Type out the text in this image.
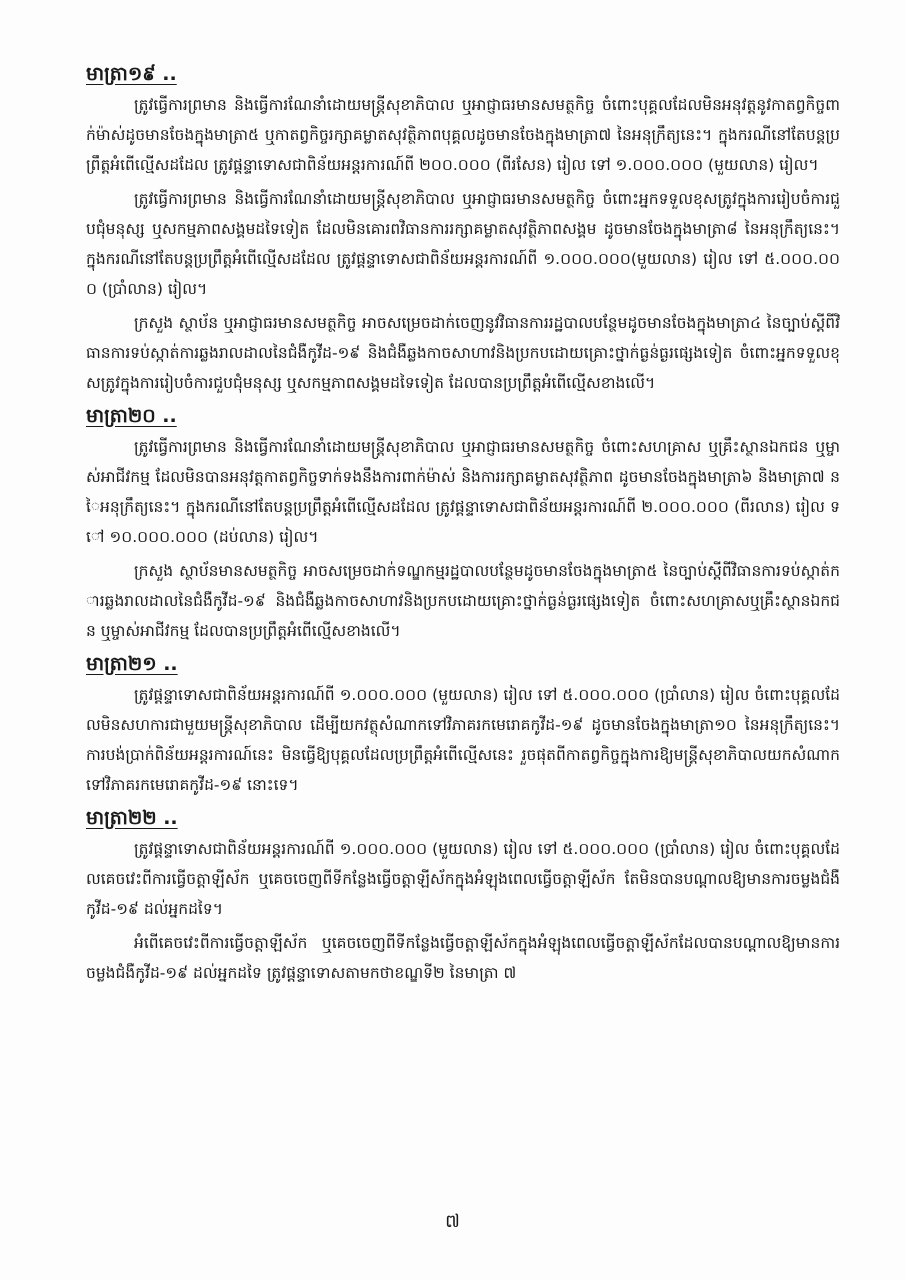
មាត្រា១៩ ..

ត្រូវធ្វើការព្រមាន និងធ្វើការណែនាំដោយមន្ត្រីសុខាភិបាល ឬអាជ្ញាធរមានសមត្ថកិច្ច ចំពោះបុគ្គលដែលមិនអនុវត្តនូវកាតព្វកិច្ចពាក់ម៉ាស់ដូចមានចែងក្នុងមាត្រា៥ ឬកាតព្វកិច្ចរក្សាគម្លាតសុវត្ថិភាពបុគ្គលដូចមានចែងក្នុងមាត្រា៧ នៃអនុក្រឹត្យនេះ។ ក្នុងករណីនៅតែបន្តប្រព្រឹត្តអំពើល្មើសដដែល ត្រូវផ្តន្ទាទោសជាពិន័យអន្តរការណ៍ពី ២០០.០០០ (ពីរសែន) រៀល ទៅ ១.០០០.០០០ (មួយលាន) រៀល។

ត្រូវធ្វើការព្រមាន និងធ្វើការណែនាំដោយមន្ត្រីសុខាភិបាល ឬអាជ្ញាធរមានសមត្ថកិច្ច ចំពោះអ្នកទទួលខុសត្រូវក្នុងការរៀបចំការជួបជុំមនុស្ស ឬសកម្មភាពសង្គមដទៃទៀត ដែលមិនគោរពវិធានការរក្សាគម្លាតសុវត្ថិភាពសង្គម ដូចមានចែងក្នុងមាត្រា៨ នៃអនុក្រឹត្យនេះ។ ក្នុងករណីនៅតែបន្តប្រព្រឹត្តអំពើល្មើសដដែល ត្រូវផ្តន្ទាទោសជាពិន័យអន្តរការណ៍ពី ១.០០០.០០០(មួយលាន) រៀល ទៅ ៥.០០០.០០០ (ប្រាំលាន) រៀល។

ក្រសួង ស្ថាប័ន ឬអាជ្ញាធរមានសមត្ថកិច្ច អាចសម្រេចដាក់ចេញនូវវិធានការរដ្ឋបាលបន្ថែមដូចមានចែងក្នុងមាត្រា៤ នៃច្បាប់ស្តីពីវិធានការទប់ស្កាត់ការឆ្លងរាលដាលនៃជំងឺកូវីដ-១៩ និងជំងឺឆ្លងកាចសាហាវនិងប្រកបដោយគ្រោះថ្នាក់ធ្ងន់ធ្ងរផ្សេងទៀត ចំពោះអ្នកទទួលខុសត្រូវក្នុងការរៀបចំការជួបជុំមនុស្ស ឬសកម្មភាពសង្គមដទៃទៀត ដែលបានប្រព្រឹត្តអំពើល្មើសខាងលើ។

មាត្រា២០ ..

ត្រូវធ្វើការព្រមាន និងធ្វើការណែនាំដោយមន្ត្រីសុខាភិបាល ឬអាជ្ញាធរមានសមត្ថកិច្ច ចំពោះសហគ្រាស ឬគ្រឹះស្ថានឯកជន ឬម្ចាស់អាជីវកម្ម ដែលមិនបានអនុវត្តកាតព្វកិច្ចទាក់ទងនឹងការពាក់ម៉ាស់ និងការរក្សាគម្លាតសុវត្ថិភាព ដូចមានចែងក្នុងមាត្រា៦ និងមាត្រា៧ នៃអនុក្រឹត្យនេះ។ ក្នុងករណីនៅតែបន្តប្រព្រឹត្តអំពើល្មើសដដែល ត្រូវផ្តន្ទាទោសជាពិន័យអន្តរការណ៍ពី ២.០០០.០០០ (ពីរលាន) រៀល ទៅ ១០.០០០.០០០ (ដប់លាន) រៀល។

ក្រសួង ស្ថាប័នមានសមត្ថកិច្ច អាចសម្រេចដាក់ទណ្ឌកម្មរដ្ឋបាលបន្ថែមដូចមានចែងក្នុងមាត្រា៥ នៃច្បាប់ស្តីពីវិធានការទប់ស្កាត់ការឆ្លងរាលដាលនៃជំងឺកូវីដ-១៩ និងជំងឺឆ្លងកាចសាហាវនិងប្រកបដោយគ្រោះថ្នាក់ធ្ងន់ធ្ងរផ្សេងទៀត ចំពោះសហគ្រាសឬគ្រឹះស្ថានឯកជន ឬម្ចាស់អាជីវកម្ម ដែលបានប្រព្រឹត្តអំពើល្មើសខាងលើ។

មាត្រា២១ ..

ត្រូវផ្តន្ទាទោសជាពិន័យអន្តរការណ៍ពី ១.០០០.០០០ (មួយលាន) រៀល ទៅ ៥.០០០.០០០ (ប្រាំលាន) រៀល ចំពោះបុគ្គលដែលមិនសហការជាមួយមន្ត្រីសុខាភិបាល ដើម្បីយកវត្ថុសំណាកទៅវិភាគរកមេរោគកូវីដ-១៩ ដូចមានចែងក្នុងមាត្រា១០ នៃអនុក្រឹត្យនេះ។ ការបង់ប្រាក់ពិន័យអន្តរការណ៍នេះ មិនធ្វើឱ្យបុគ្គលដែលប្រព្រឹត្តអំពើល្មើសនេះ រួចផុតពីកាតព្វកិច្ចក្នុងការឱ្យមន្ត្រីសុខាភិបាលយកសំណាកទៅវិភាគរកមេរោគកូវីដ-១៩ នោះទេ។

មាត្រា២២ ..

ត្រូវផ្តន្ទាទោសជាពិន័យអន្តរការណ៍ពី ១.០០០.០០០ (មួយលាន) រៀល ទៅ ៥.០០០.០០០ (ប្រាំលាន) រៀល ចំពោះបុគ្គលដែលគេចវេះពីការធ្វើចត្តាឡីស័ក ឬគេចចេញពីទីកន្លែងធ្វើចត្តាឡីស័កក្នុងអំឡុងពេលធ្វើចត្តាឡីស័ក តែមិនបានបណ្តាលឱ្យមានការចម្លងជំងឺកូវីដ-១៩ ដល់អ្នកដទៃ។

អំពើគេចវេះពីការធ្វើចត្តាឡីស័ក ឬគេចចេញពីទីកន្លែងធ្វើចត្តាឡីស័កក្នុងអំឡុងពេលធ្វើចត្តាឡីស័កដែលបានបណ្តាលឱ្យមានការចម្លងជំងឺកូវីដ-១៩ ដល់អ្នកដទៃ ត្រូវផ្តន្ទាទោសតាមកថាខណ្ឌទី២ នៃមាត្រា ៧

៧
